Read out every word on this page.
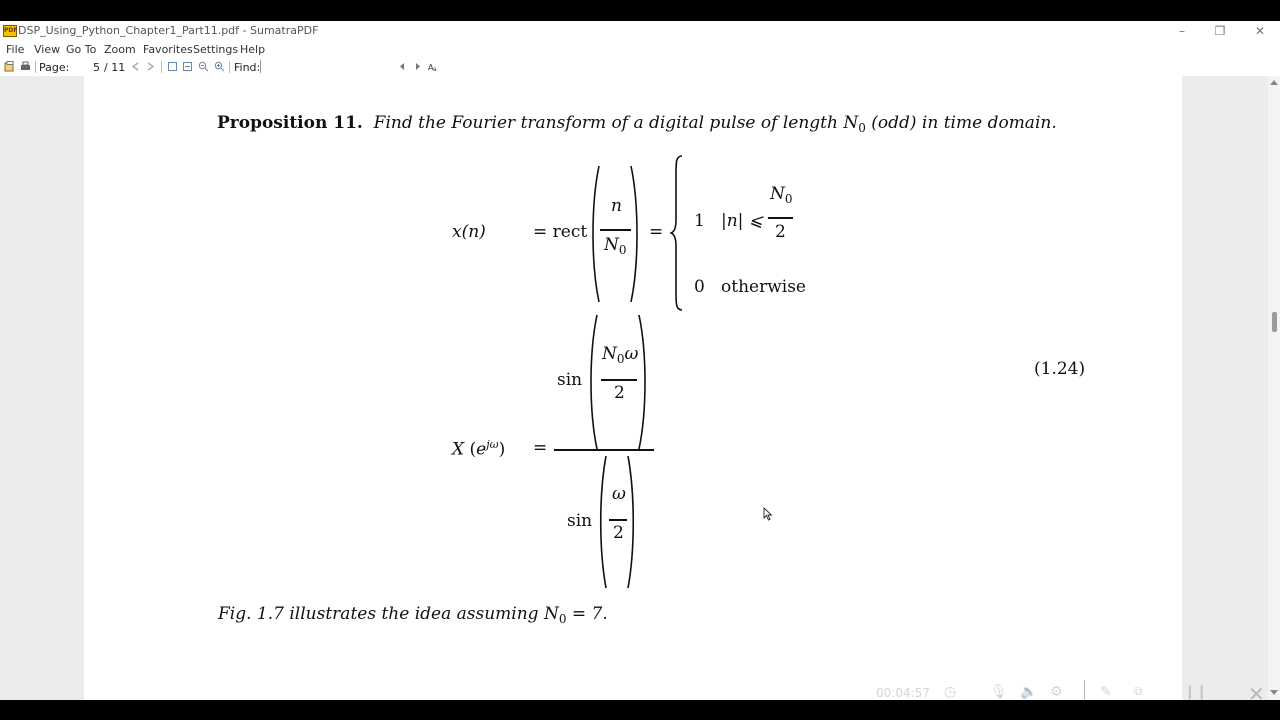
PDF DSP_Using_Python_Chapter1_Part11.pdf - SumatraPDF	–	❐	✕
File View Go To Zoom Favorites Settings Help
Page: 5 / 11	Find:	A a
Proposition 11. Find the Fourier transform of a digital pulse of length $N_0$ (odd) in time domain.
x(n)	= rect
n
$N_0$
=
1 |n| ⩽
$N_0$
2
0 otherwise
(1.24)
X $(e^{j\omega})$ =
sin
$N_0\omega$
2
sin
ω
2
Fig. 1.7 illustrates the idea assuming $N_0 = 7$.
00:04:57 ◷ 🎙 🔈 ⚙	✎ ⧉	❙❙ ✕
